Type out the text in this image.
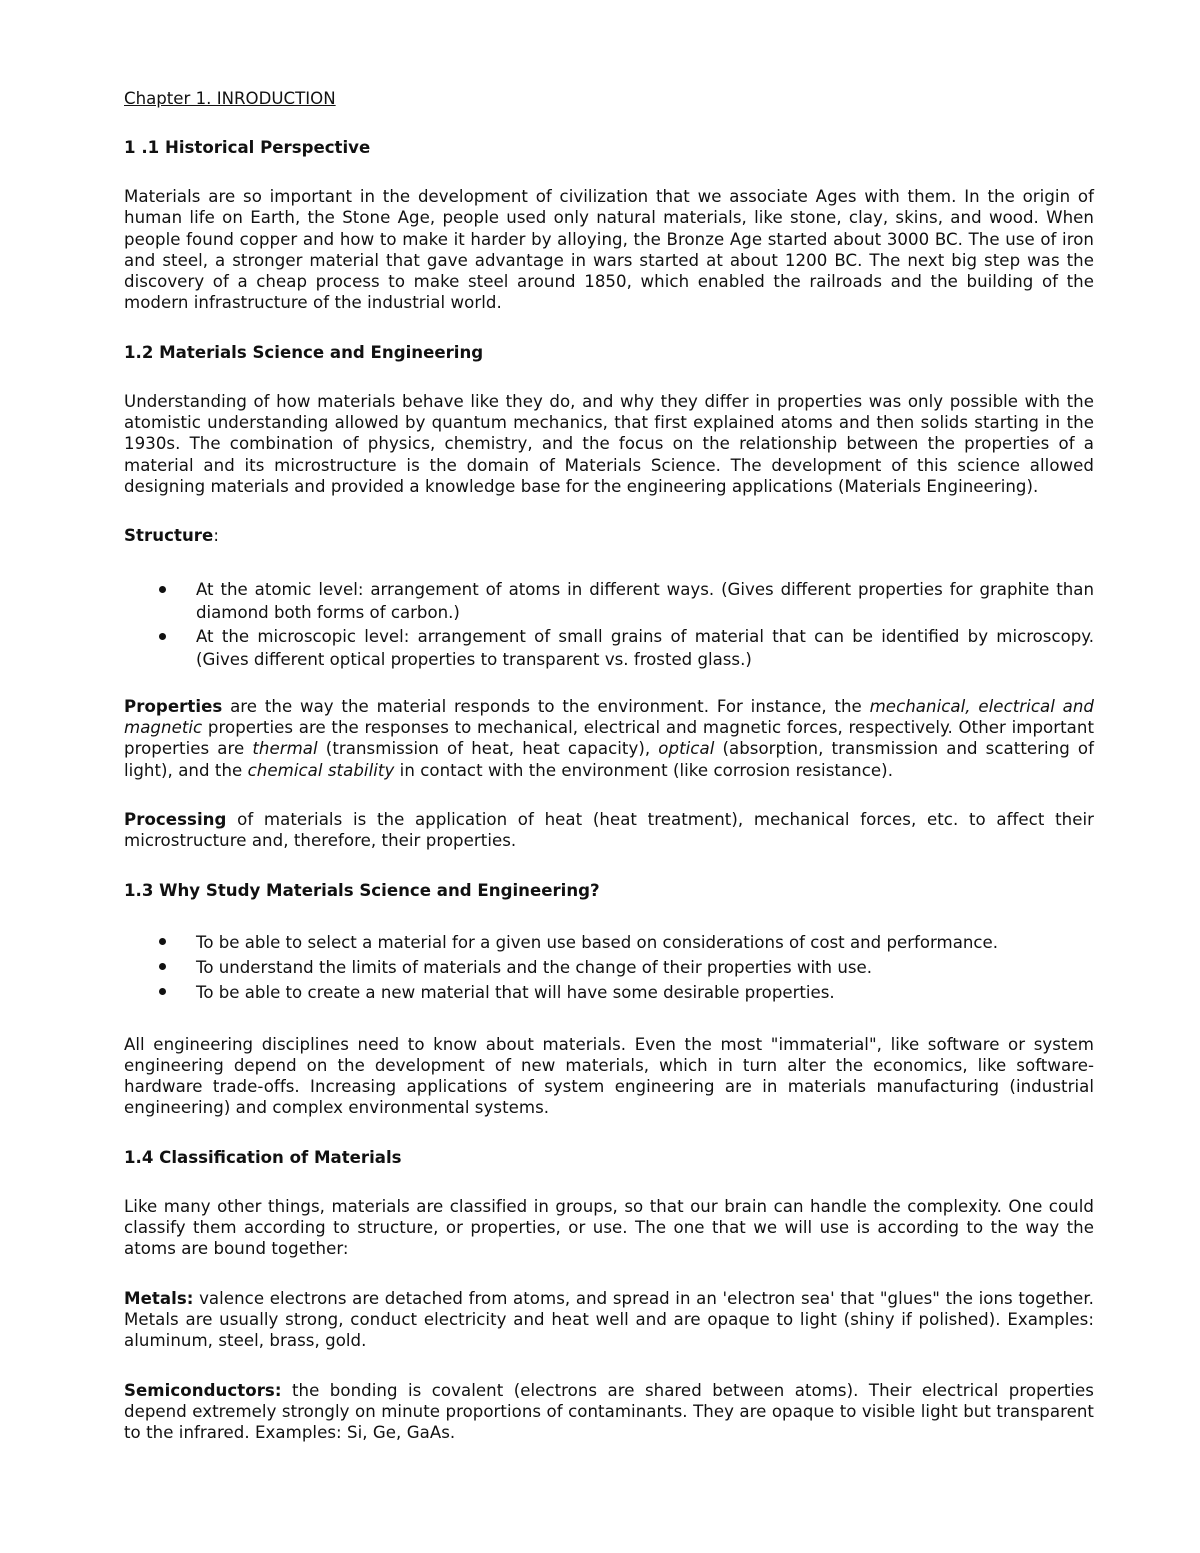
Chapter 1. INRODUCTION

1 .1 Historical Perspective

Materials are so important in the development of civilization that we associate Ages with them. In the origin of human life on Earth, the Stone Age, people used only natural materials, like stone, clay, skins, and wood. When people found copper and how to make it harder by alloying, the Bronze Age started about 3000 BC. The use of iron and steel, a stronger material that gave advantage in wars started at about 1200 BC. The next big step was the discovery of a cheap process to make steel around 1850, which enabled the railroads and the building of the modern infrastructure of the industrial world.

1.2 Materials Science and Engineering

Understanding of how materials behave like they do, and why they differ in properties was only possible with the atomistic understanding allowed by quantum mechanics, that first explained atoms and then solids starting in the 1930s. The combination of physics, chemistry, and the focus on the relationship between the properties of a material and its microstructure is the domain of Materials Science. The development of this science allowed designing materials and provided a knowledge base for the engineering applications (Materials Engineering).

Structure:

At the atomic level: arrangement of atoms in different ways. (Gives different properties for graphite than diamond both forms of carbon.)
At the microscopic level: arrangement of small grains of material that can be identified by microscopy. (Gives different optical properties to transparent vs. frosted glass.)

Properties are the way the material responds to the environment. For instance, the mechanical, electrical and magnetic properties are the responses to mechanical, electrical and magnetic forces, respectively. Other important properties are thermal (transmission of heat, heat capacity), optical (absorption, transmission and scattering of light), and the chemical stability in contact with the environment (like corrosion resistance).

Processing of materials is the application of heat (heat treatment), mechanical forces, etc. to affect their microstructure and, therefore, their properties.

1.3 Why Study Materials Science and Engineering?

To be able to select a material for a given use based on considerations of cost and performance.
To understand the limits of materials and the change of their properties with use.
To be able to create a new material that will have some desirable properties.

All engineering disciplines need to know about materials. Even the most "immaterial", like software or system engineering depend on the development of new materials, which in turn alter the economics, like software-hardware trade-offs. Increasing applications of system engineering are in materials manufacturing (industrial engineering) and complex environmental systems.

1.4 Classification of Materials

Like many other things, materials are classified in groups, so that our brain can handle the complexity. One could classify them according to structure, or properties, or use. The one that we will use is according to the way the atoms are bound together:

Metals: valence electrons are detached from atoms, and spread in an 'electron sea' that "glues" the ions together. Metals are usually strong, conduct electricity and heat well and are opaque to light (shiny if polished). Examples: aluminum, steel, brass, gold.

Semiconductors: the bonding is covalent (electrons are shared between atoms). Their electrical properties depend extremely strongly on minute proportions of contaminants. They are opaque to visible light but transparent to the infrared. Examples: Si, Ge, GaAs.
